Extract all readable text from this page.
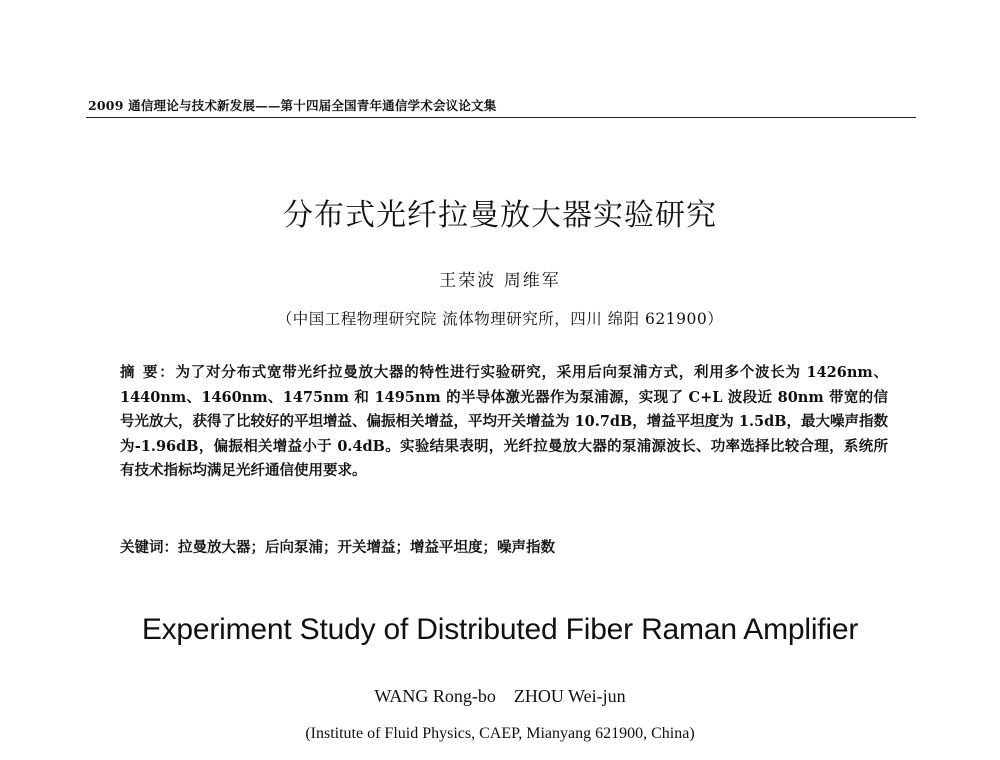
2009 通信理论与技术新发展——第十四届全国青年通信学术会议论文集
分布式光纤拉曼放大器实验研究
王荣波 周维军
（中国工程物理研究院 流体物理研究所，四川 绵阳 621900）
摘 要：为了对分布式宽带光纤拉曼放大器的特性进行实验研究，采用后向泵浦方式，利用多个波长为 1426nm、1440nm、1460nm、1475nm 和 1495nm 的半导体激光器作为泵浦源，实现了 C+L 波段近 80nm 带宽的信号光放大，获得了比较好的平坦增益、偏振相关增益，平均开关增益为 10.7dB，增益平坦度为 1.5dB，最大噪声指数为-1.96dB，偏振相关增益小于 0.4dB。实验结果表明，光纤拉曼放大器的泵浦源波长、功率选择比较合理，系统所有技术指标均满足光纤通信使用要求。
关键词：拉曼放大器；后向泵浦；开关增益；增益平坦度；噪声指数
Experiment Study of Distributed Fiber Raman Amplifier
WANG Rong-bo ZHOU Wei-jun
(Institute of Fluid Physics, CAEP, Mianyang 621900, China)
